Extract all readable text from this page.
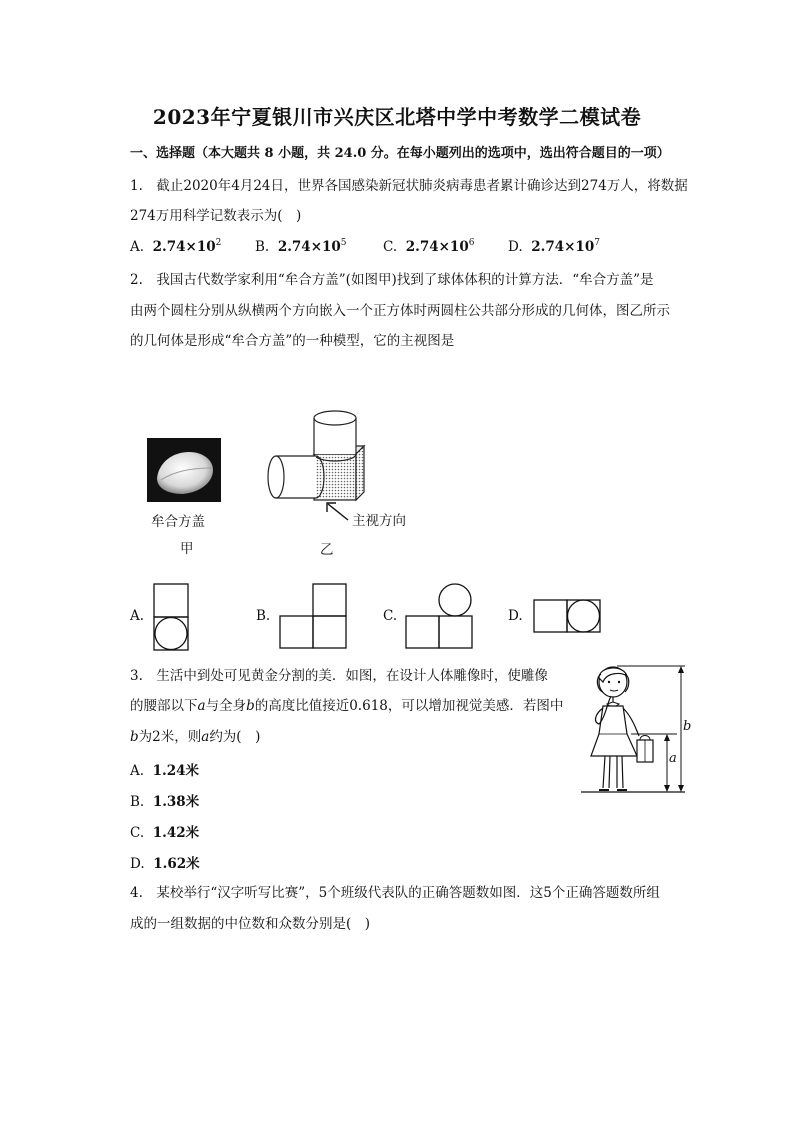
2023年宁夏银川市兴庆区北塔中学中考数学二模试卷
一、选择题（本大题共 8 小题，共 24.0 分。在每小题列出的选项中，选出符合题目的一项）
1.　截止2020年4月24日，世界各国感染新冠状肺炎病毒患者累计确诊达到274万人，将数据
274万用科学记数表示为(　)
A. $2.74\times 10^2$ B. $2.74\times 10^5$	C. $2.74\times 10^6$ D. $2.74\times 10^7$
2.　我国古代数学家利用“牟合方盖”(如图甲)找到了球体体积的计算方法．“牟合方盖”是
由两个圆柱分别从纵横两个方向嵌入一个正方体时两圆柱公共部分形成的几何体，图乙所示
的几何体是形成“牟合方盖”的一种模型，它的主视图是
牟合方盖
甲
主视方向
乙
A.	B.	C.	D.
3.　生活中到处可见黄金分割的美．如图，在设计人体雕像时，使雕像
的腰部以下a与全身b的高度比值接近0.618，可以增加视觉美感．若图中
b为2米，则a约为(　)
A. 1.24米
B. 1.38米
C. 1.42米
D. 1.62米
b
a
4.　某校举行“汉字听写比赛”，5个班级代表队的正确答题数如图．这5个正确答题数所组
成的一组数据的中位数和众数分别是(　)
